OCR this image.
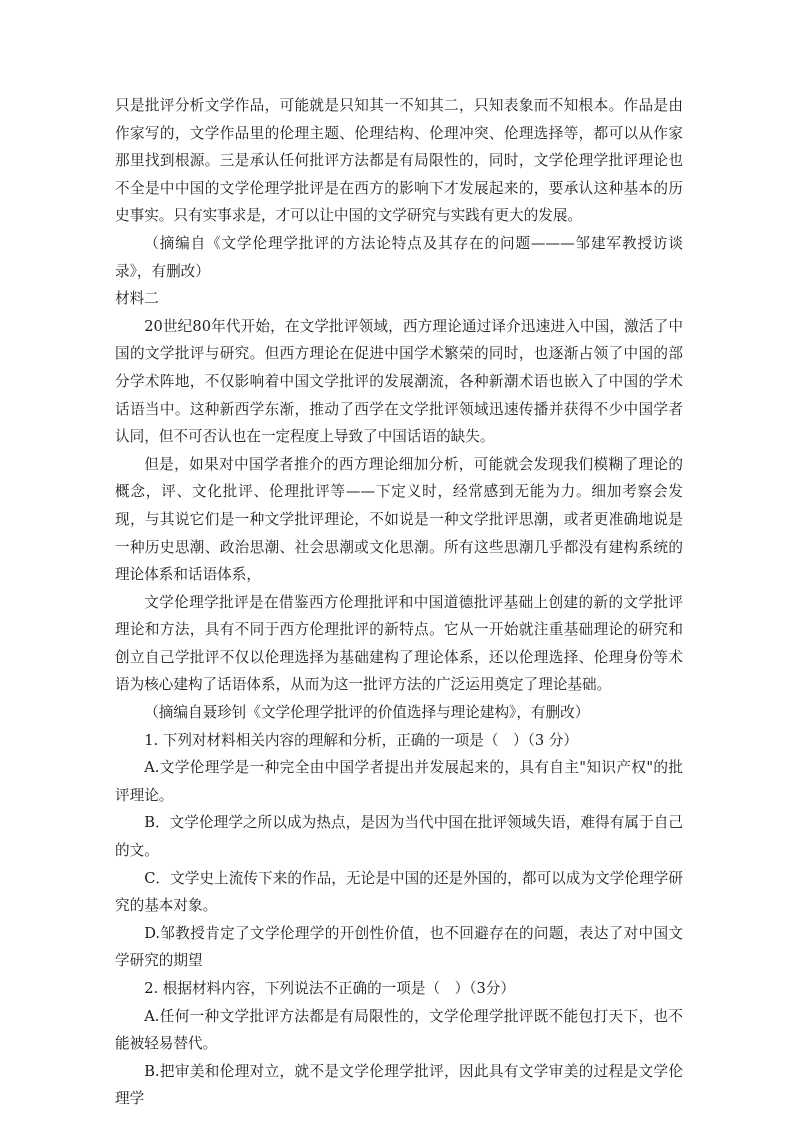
只是批评分析文学作品，可能就是只知其一不知其二，只知表象而不知根本。作品是由作家写的，文学作品里的伦理主题、伦理结构、伦理冲突、伦理选择等，都可以从作家那里找到根源。三是承认任何批评方法都是有局限性的，同时，文学伦理学批评理论也不全是中中国的文学伦理学批评是在西方的影响下才发展起来的，要承认这种基本的历史事实。只有实事求是，才可以让中国的文学研究与实践有更大的发展。

（摘编自《文学伦理学批评的方法论特点及其存在的问题———邹建军教授访谈录》，有删改）

材料二

20世纪80年代开始，在文学批评领域，西方理论通过译介迅速进入中国，激活了中国的文学批评与研究。但西方理论在促进中国学术繁荣的同时，也逐渐占领了中国的部分学术阵地，不仅影响着中国文学批评的发展潮流，各种新潮术语也嵌入了中国的学术话语当中。这种新西学东渐，推动了西学在文学批评领域迅速传播并获得不少中国学者认同，但不可否认也在一定程度上导致了中国话语的缺失。

但是，如果对中国学者推介的西方理论细加分析，可能就会发现我们模糊了理论的概念，评、文化批评、伦理批评等——下定义时，经常感到无能为力。细加考察会发现，与其说它们是一种文学批评理论，不如说是一种文学批评思潮，或者更准确地说是一种历史思潮、政治思潮、社会思潮或文化思潮。所有这些思潮几乎都没有建构系统的理论体系和话语体系，

文学伦理学批评是在借鉴西方伦理批评和中国道德批评基础上创建的新的文学批评理论和方法，具有不同于西方伦理批评的新特点。它从一开始就注重基础理论的研究和创立自己学批评不仅以伦理选择为基础建构了理论体系，还以伦理选择、伦理身份等术语为核心建构了话语体系，从而为这一批评方法的广泛运用奠定了理论基础。

（摘编自聂珍钊《文学伦理学批评的价值选择与理论建构》，有删改）

1. 下列对材料相关内容的理解和分析，正确的一项是（　）（3 分）

A.文学伦理学是一种完全由中国学者提出并发展起来的，具有自主"知识产权"的批评理论。

B．文学伦理学之所以成为热点，是因为当代中国在批评领域失语，难得有属于自己的文。

C．文学史上流传下来的作品，无论是中国的还是外国的，都可以成为文学伦理学研究的基本对象。

D.邹教授肯定了文学伦理学的开创性价值，也不回避存在的问题，表达了对中国文学研究的期望

2. 根据材料内容，下列说法不正确的一项是（　）（3分）

A.任何一种文学批评方法都是有局限性的，文学伦理学批评既不能包打天下，也不能被轻易替代。

B.把审美和伦理对立，就不是文学伦理学批评，因此具有文学审美的过程是文学伦理学
